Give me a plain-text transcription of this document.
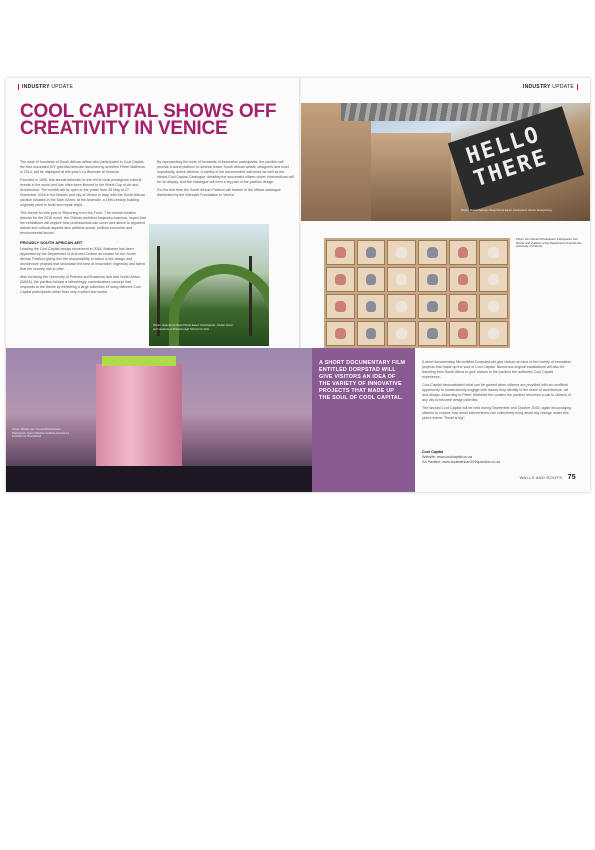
INDUSTRY UPDATE	INDUSTRY UPDATE
COOL CAPITAL SHOWS OFF CREATIVITY IN VENICE

The work of hundreds of South African artists who participated in Cool Capital, the first uncurated DIY guerrilla biennale launched by architect Pieter Mathews in 2014, will be displayed at this year's La Biennale di Venezia.

Founded in 1895, this annual biennale is one of the most prestigious cultural events in the world and has often been likened to the World Cup of Art and Architecture. The exhibit will be open to the public from 28 May to 27 November 2016 in the historic port city of Venice in Italy, with the South African pavilion situated in the Sale d'Armi, at the Arsenale, a 16th-century building originally used to build and repair ships.

This theme for this year is 'Reporting from the Front'. The overall creative director for the 2016 event, the Chilean architect Alejandro Aravena, hopes that the exhibitions will explore how professionals can cover and above to apparent artistic and cultural aspects also address social, political economic and environmental issues.

PROUDLY SOUTH AFRICAN ART

Leading the Cool Capital design movement in 2016, Mathews has been appointed by the Department of Arts and Culture as curator for the South African Pavilion giving him the responsibility to select a mix design and architecture projects that showcase the best of innovation, ingenuity and talent that the country has to offer.

Also involving the University of Pretoria and Business and Arts South Africa (BASA), the pavilion follows a refreshingly unconstrained concept that responds to the theme by exhibiting a large collection of many different Cool Capital participants rather than only a select few works.

By representing the work of hundreds of innovative participants, the pavilion will provide a world platform to several lesser South African artists, designers and most importantly, active citizens. A variety of the documented outcomes as well as the official Cool Capital Catalogue, detailing the successful citizen-driven interventions will be on display, and the catalogue will form a big part of the pavilion design.

For the first time the South African Pavilion will feature in the official catalogue distributed by the Biennale Foundation in Venice.

HELLO THERE
Photo: Marius Spanjer Berg/Virtual Easel. Participant: Martin Spanjerberg
Photo: Anjaneli de Beer/Virtual Easel. Participants: Jordan Hood and students of Pretoria High School for Girls
Photo: Kim Monier/Virtual Easel. Participants: Kim Monier and students of the Department of Visual Arts, University of Pretoria.
Photo: Zhixiel van Vuuren/Virtual Easel. Participant: Open Window Institute and Feni-a Hubbido for Boschkloof.
A SHORT DOCUMENTARY FILM ENTITLED DORPSTAD WILL GIVE VISITORS AN IDEA OF THE VARIETY OF INNOVATIVE PROJECTS THAT MADE UP THE SOUL OF COOL CAPITAL.

A short documentary film entitled Dorpstad will give visitors an idea of the variety of innovative projects that made up the soul of Cool Capital. Numerous original installations will also be traveling from South Africa to give visitors to the pavilion the authentic Cool Capital experience.

Cool Capital demonstrated what can be gained when citizens are provided with an unofficial opportunity to constructively engage with issues they identify in the realm of architecture, art and design. According to Pieter Mathews the curates the pavilion becomes a call to citizens of any city to become design activists.

The second Cool Capital will be held during September and October 2016, again encouraging citizens to explore how small interventions can collectively bring about big change under this year's theme "Small is big".

Cool Capital
Website: www.coolcapital.co.za
SA Pavilion: www.southafrican2016pavilion.co.za
WALLS AND ROOFS 75
